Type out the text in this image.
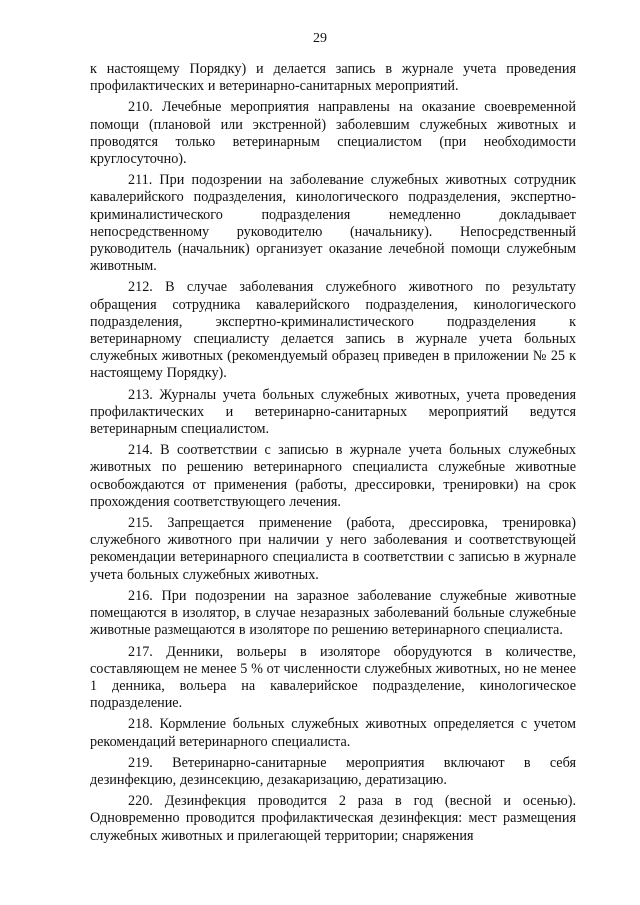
29

к настоящему Порядку) и делается запись в журнале учета проведения профилактических и ветеринарно-санитарных мероприятий.

210. Лечебные мероприятия направлены на оказание своевременной помощи (плановой или экстренной) заболевшим служебных животных и проводятся только ветеринарным специалистом (при необходимости круглосуточно).

211. При подозрении на заболевание служебных животных сотрудник кавалерийского подразделения, кинологического подразделения, экспертно-криминалистического подразделения немедленно докладывает непосредственному руководителю (начальнику). Непосредственный руководитель (начальник) организует оказание лечебной помощи служебным животным.

212. В случае заболевания служебного животного по результату обращения сотрудника кавалерийского подразделения, кинологического подразделения, экспертно-криминалистического подразделения к ветеринарному специалисту делается запись в журнале учета больных служебных животных (рекомендуемый образец приведен в приложении № 25 к настоящему Порядку).

213. Журналы учета больных служебных животных, учета проведения профилактических и ветеринарно-санитарных мероприятий ведутся ветеринарным специалистом.

214. В соответствии с записью в журнале учета больных служебных животных по решению ветеринарного специалиста служебные животные освобождаются от применения (работы, дрессировки, тренировки) на срок прохождения соответствующего лечения.

215. Запрещается применение (работа, дрессировка, тренировка) служебного животного при наличии у него заболевания и соответствующей рекомендации ветеринарного специалиста в соответствии с записью в журнале учета больных служебных животных.

216. При подозрении на заразное заболевание служебные животные помещаются в изолятор, в случае незаразных заболеваний больные служебные животные размещаются в изоляторе по решению ветеринарного специалиста.

217. Денники, вольеры в изоляторе оборудуются в количестве, составляющем не менее 5 % от численности служебных животных, но не менее 1 денника, вольера на кавалерийское подразделение, кинологическое подразделение.

218. Кормление больных служебных животных определяется с учетом рекомендаций ветеринарного специалиста.

219. Ветеринарно-санитарные мероприятия включают в себя дезинфекцию, дезинсекцию, дезакаризацию, дератизацию.

220. Дезинфекция проводится 2 раза в год (весной и осенью). Одновременно проводится профилактическая дезинфекция: мест размещения служебных животных и прилегающей территории; снаряжения
